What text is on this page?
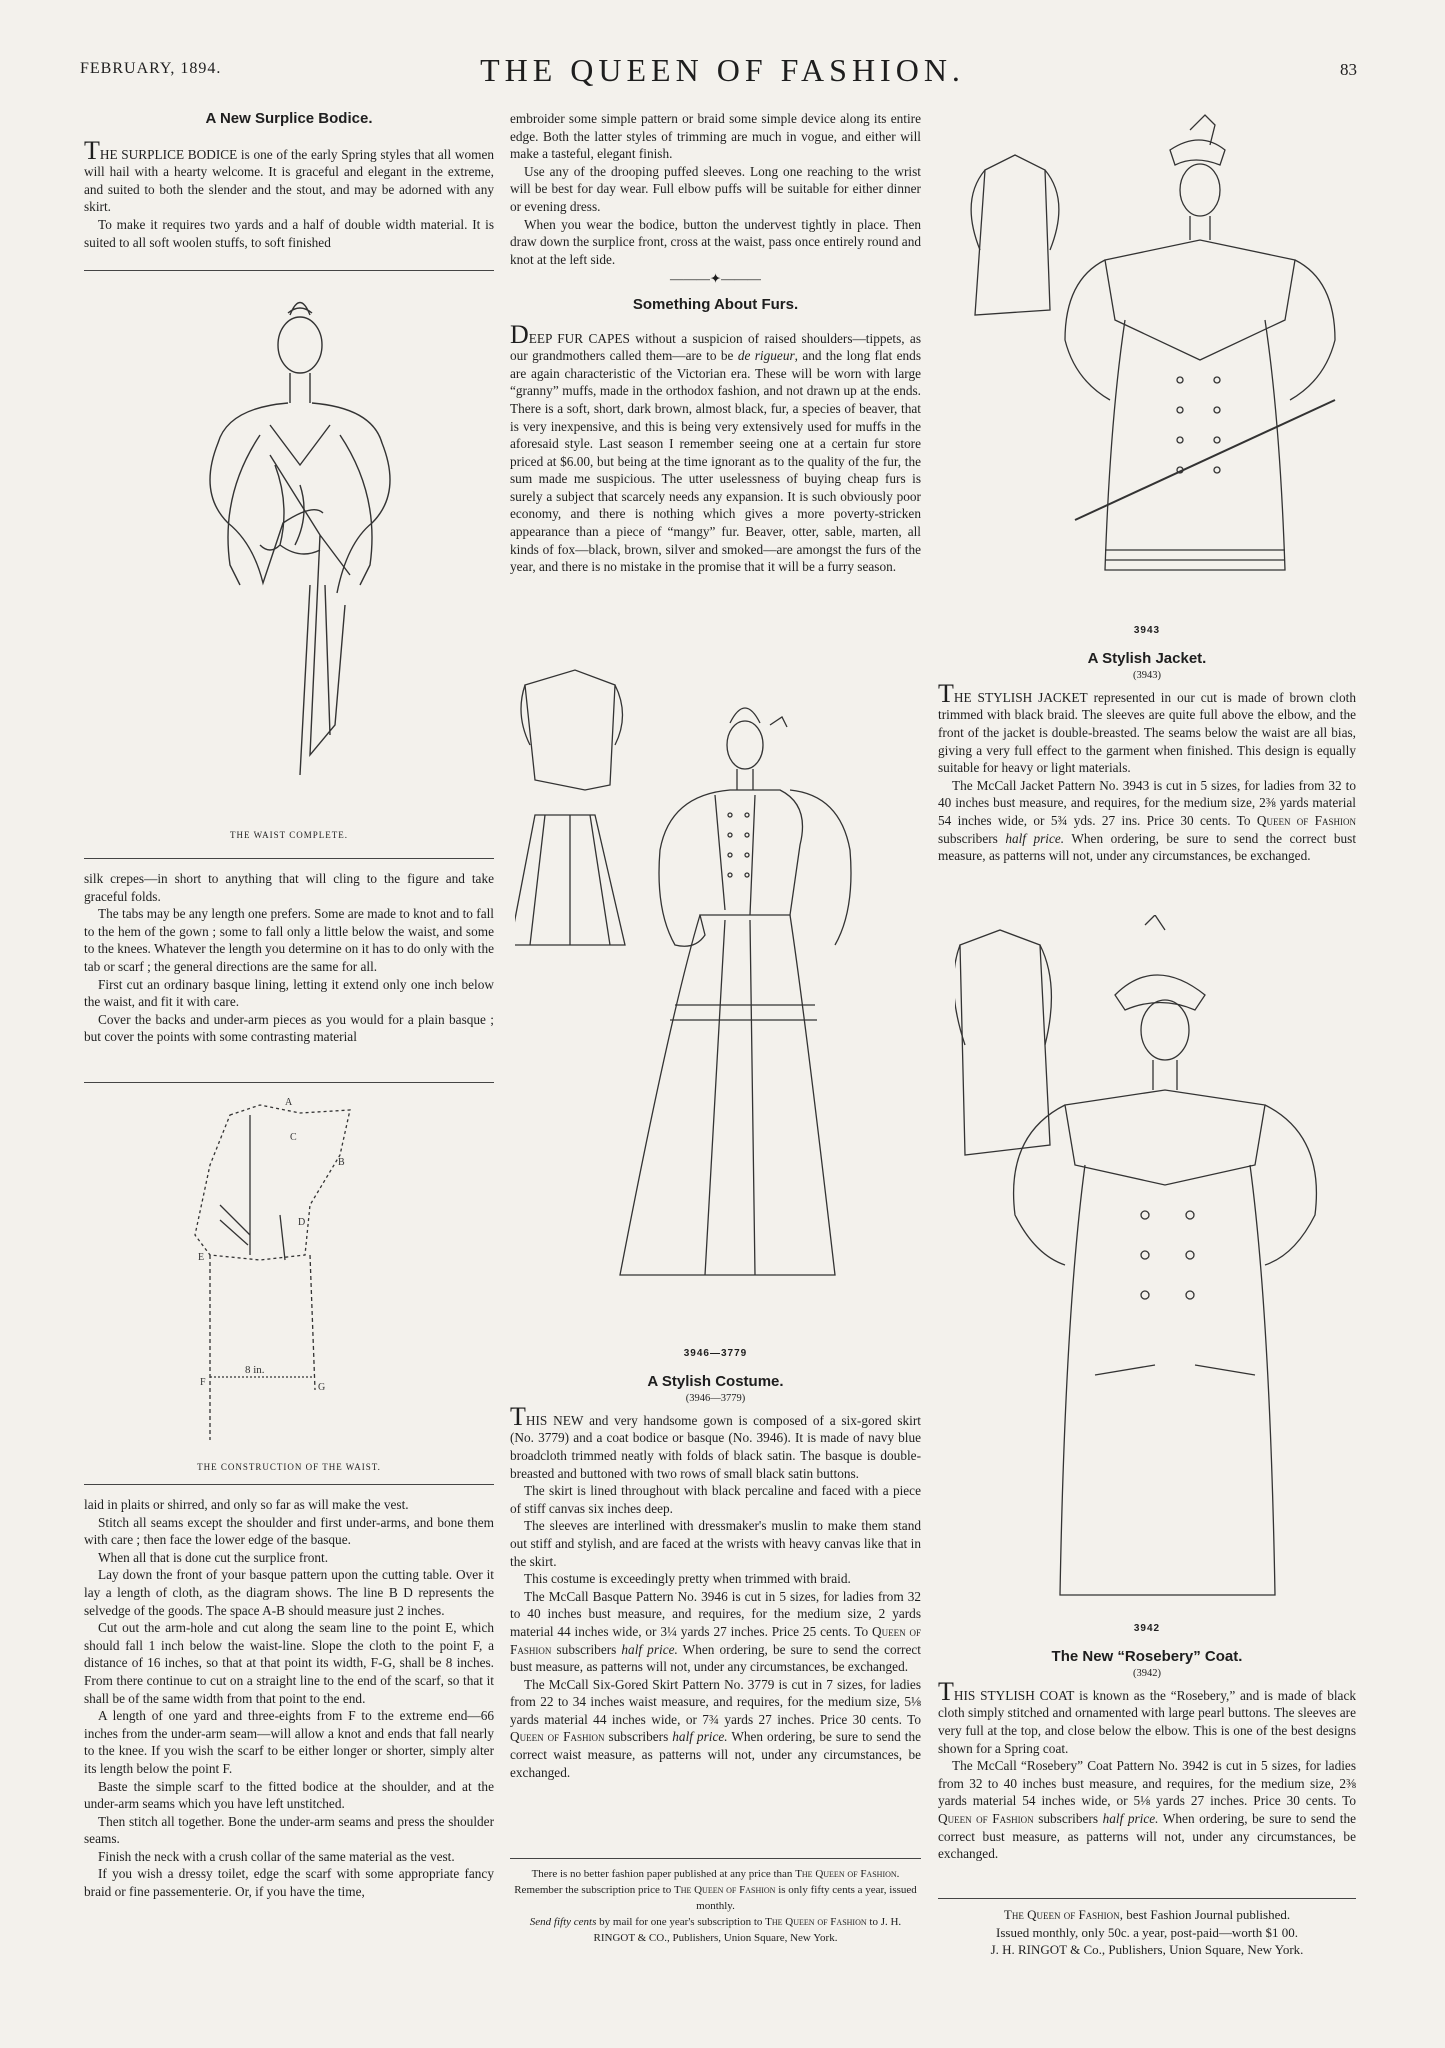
FEBRUARY, 1894.	THE QUEEN OF FASHION.	83
A New Surplice Bodice.

THE SURPLICE BODICE is one of the early Spring styles that all women will hail with a hearty welcome. It is graceful and elegant in the extreme, and suited to both the slender and the stout, and may be adorned with any skirt.

To make it requires two yards and a half of double width material. It is suited to all soft woolen stuffs, to soft finished

THE WAIST COMPLETE.

silk crepes—in short to anything that will cling to the figure and take graceful folds.

The tabs may be any length one prefers. Some are made to knot and to fall to the hem of the gown ; some to fall only a little below the waist, and some to the knees. Whatever the length you determine on it has to do only with the tab or scarf ; the general directions are the same for all.

First cut an ordinary basque lining, letting it extend only one inch below the waist, and fit it with care.

Cover the backs and under-arm pieces as you would for a plain basque ; but cover the points with some contrasting material

A
B
C
D
E
F	G
8 in.
THE CONSTRUCTION OF THE WAIST.

laid in plaits or shirred, and only so far as will make the vest.

Stitch all seams except the shoulder and first under-arms, and bone them with care ; then face the lower edge of the basque.

When all that is done cut the surplice front.

Lay down the front of your basque pattern upon the cutting table. Over it lay a length of cloth, as the diagram shows. The line B D represents the selvedge of the goods. The space A-B should measure just 2 inches.

Cut out the arm-hole and cut along the seam line to the point E, which should fall 1 inch below the waist-line. Slope the cloth to the point F, a distance of 16 inches, so that at that point its width, F-G, shall be 8 inches. From there continue to cut on a straight line to the end of the scarf, so that it shall be of the same width from that point to the end.

A length of one yard and three-eights from F to the extreme end—66 inches from the under-arm seam—will allow a knot and ends that fall nearly to the knee. If you wish the scarf to be either longer or shorter, simply alter its length below the point F.

Baste the simple scarf to the fitted bodice at the shoulder, and at the under-arm seams which you have left unstitched.

Then stitch all together. Bone the under-arm seams and press the shoulder seams.

Finish the neck with a crush collar of the same material as the vest.

If you wish a dressy toilet, edge the scarf with some appropriate fancy braid or fine passementerie. Or, if you have the time,

embroider some simple pattern or braid some simple device along its entire edge. Both the latter styles of trimming are much in vogue, and either will make a tasteful, elegant finish.

Use any of the drooping puffed sleeves. Long one reaching to the wrist will be best for day wear. Full elbow puffs will be suitable for either dinner or evening dress.

When you wear the bodice, button the undervest tightly in place. Then draw down the surplice front, cross at the waist, pass once entirely round and knot at the left side.

———✦———
Something About Furs.

DEEP FUR CAPES without a suspicion of raised shoulders—tippets, as our grandmothers called them—are to be de rigueur, and the long flat ends are again characteristic of the Victorian era. These will be worn with large “granny” muffs, made in the orthodox fashion, and not drawn up at the ends. There is a soft, short, dark brown, almost black, fur, a species of beaver, that is very inexpensive, and this is being very extensively used for muffs in the aforesaid style. Last season I remember seeing one at a certain fur store priced at $6.00, but being at the time ignorant as to the quality of the fur, the sum made me suspicious. The utter uselessness of buying cheap furs is surely a subject that scarcely needs any expansion. It is such obviously poor economy, and there is nothing which gives a more poverty-stricken appearance than a piece of “mangy” fur. Beaver, otter, sable, marten, all kinds of fox—black, brown, silver and smoked—are amongst the furs of the year, and there is no mistake in the promise that it will be a furry season.

3946—3779
A Stylish Costume.
(3946—3779)

THIS NEW and very handsome gown is composed of a six-gored skirt (No. 3779) and a coat bodice or basque (No. 3946). It is made of navy blue broadcloth trimmed neatly with folds of black satin. The basque is double-breasted and buttoned with two rows of small black satin buttons.

The skirt is lined throughout with black percaline and faced with a piece of stiff canvas six inches deep.

The sleeves are interlined with dressmaker's muslin to make them stand out stiff and stylish, and are faced at the wrists with heavy canvas like that in the skirt.

This costume is exceedingly pretty when trimmed with braid.

The McCall Basque Pattern No. 3946 is cut in 5 sizes, for ladies from 32 to 40 inches bust measure, and requires, for the medium size, 2 yards material 44 inches wide, or 3¼ yards 27 inches. Price 25 cents. To Queen of Fashion subscribers half price. When ordering, be sure to send the correct bust measure, as patterns will not, under any circumstances, be exchanged.

The McCall Six-Gored Skirt Pattern No. 3779 is cut in 7 sizes, for ladies from 22 to 34 inches waist measure, and requires, for the medium size, 5⅛ yards material 44 inches wide, or 7¾ yards 27 inches. Price 30 cents. To Queen of Fashion subscribers half price. When ordering, be sure to send the correct waist measure, as patterns will not, under any circumstances, be exchanged.

There is no better fashion paper published at any price than The Queen of Fashion. Remember the subscription price to The Queen of Fashion is only fifty cents a year, issued monthly.

Send fifty cents by mail for one year's subscription to The Queen of Fashion to J. H. RINGOT & CO., Publishers, Union Square, New York.

3943
A Stylish Jacket.
(3943)

THE STYLISH JACKET represented in our cut is made of brown cloth trimmed with black braid. The sleeves are quite full above the elbow, and the front of the jacket is double-breasted. The seams below the waist are all bias, giving a very full effect to the garment when finished. This design is equally suitable for heavy or light materials.

The McCall Jacket Pattern No. 3943 is cut in 5 sizes, for ladies from 32 to 40 inches bust measure, and requires, for the medium size, 2⅜ yards material 54 inches wide, or 5¾ yds. 27 ins. Price 30 cents. To Queen of Fashion subscribers half price. When ordering, be sure to send the correct bust measure, as patterns will not, under any circumstances, be exchanged.

3942
The New “Rosebery” Coat.
(3942)

THIS STYLISH COAT is known as the “Rosebery,” and is made of black cloth simply stitched and ornamented with large pearl buttons. The sleeves are very full at the top, and close below the elbow. This is one of the best designs shown for a Spring coat.

The McCall “Rosebery” Coat Pattern No. 3942 is cut in 5 sizes, for ladies from 32 to 40 inches bust measure, and requires, for the medium size, 2⅜ yards material 54 inches wide, or 5⅛ yards 27 inches. Price 30 cents. To Queen of Fashion subscribers half price. When ordering, be sure to send the correct bust measure, as patterns will not, under any circumstances, be exchanged.

The Queen of Fashion, best Fashion Journal published.

Issued monthly, only 50c. a year, post-paid—worth $1 00.

J. H. RINGOT & Co., Publishers, Union Square, New York.
